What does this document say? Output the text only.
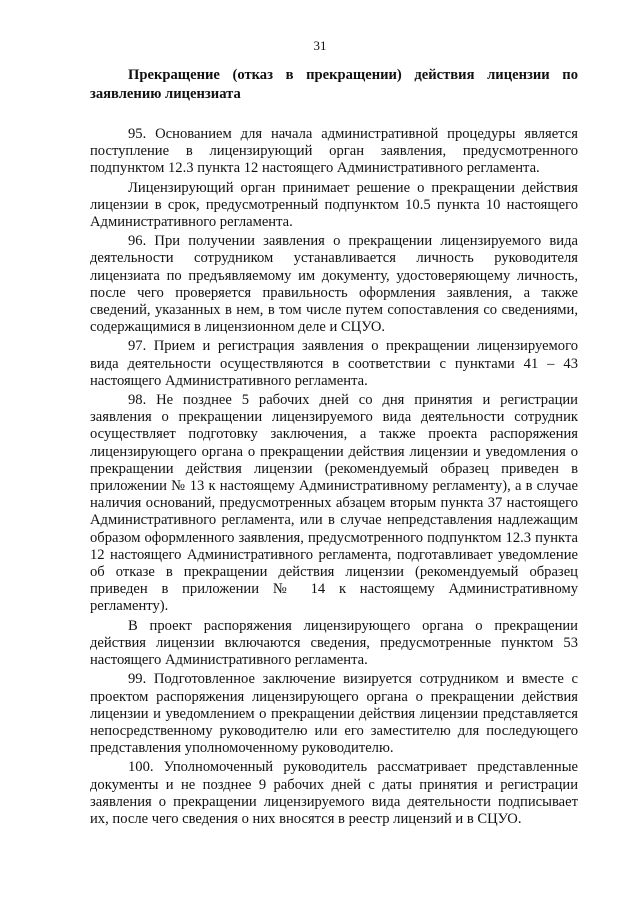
31

Прекращение (отказ в прекращении) действия лицензии по заявлению лицензиата

95. Основанием для начала административной процедуры является поступление в лицензирующий орган заявления, предусмотренного подпунктом 12.3 пункта 12 настоящего Административного регламента.

Лицензирующий орган принимает решение о прекращении действия лицензии в срок, предусмотренный подпунктом 10.5 пункта 10 настоящего Административного регламента.

96. При получении заявления о прекращении лицензируемого вида деятельности сотрудником устанавливается личность руководителя лицензиата по предъявляемому им документу, удостоверяющему личность, после чего проверяется правильность оформления заявления, а также сведений, указанных в нем, в том числе путем сопоставления со сведениями, содержащимися в лицензионном деле и СЦУО.

97. Прием и регистрация заявления о прекращении лицензируемого вида деятельности осуществляются в соответствии с пунктами 41 – 43 настоящего Административного регламента.

98. Не позднее 5 рабочих дней со дня принятия и регистрации заявления о прекращении лицензируемого вида деятельности сотрудник осуществляет подготовку заключения, а также проекта распоряжения лицензирующего органа о прекращении действия лицензии и уведомления о прекращении действия лицензии (рекомендуемый образец приведен в приложении № 13 к настоящему Административному регламенту), а в случае наличия оснований, предусмотренных абзацем вторым пункта 37 настоящего Административного регламента, или в случае непредставления надлежащим образом оформленного заявления, предусмотренного подпунктом 12.3 пункта 12 настоящего Административного регламента, подготавливает уведомление об отказе в прекращении действия лицензии (рекомендуемый образец приведен в приложении № 14 к настоящему Административному регламенту).

В проект распоряжения лицензирующего органа о прекращении действия лицензии включаются сведения, предусмотренные пунктом 53 настоящего Административного регламента.

99. Подготовленное заключение визируется сотрудником и вместе с проектом распоряжения лицензирующего органа о прекращении действия лицензии и уведомлением о прекращении действия лицензии представляется непосредственному руководителю или его заместителю для последующего представления уполномоченному руководителю.

100. Уполномоченный руководитель рассматривает представленные документы и не позднее 9 рабочих дней с даты принятия и регистрации заявления о прекращении лицензируемого вида деятельности подписывает их, после чего сведения о них вносятся в реестр лицензий и в СЦУО.
